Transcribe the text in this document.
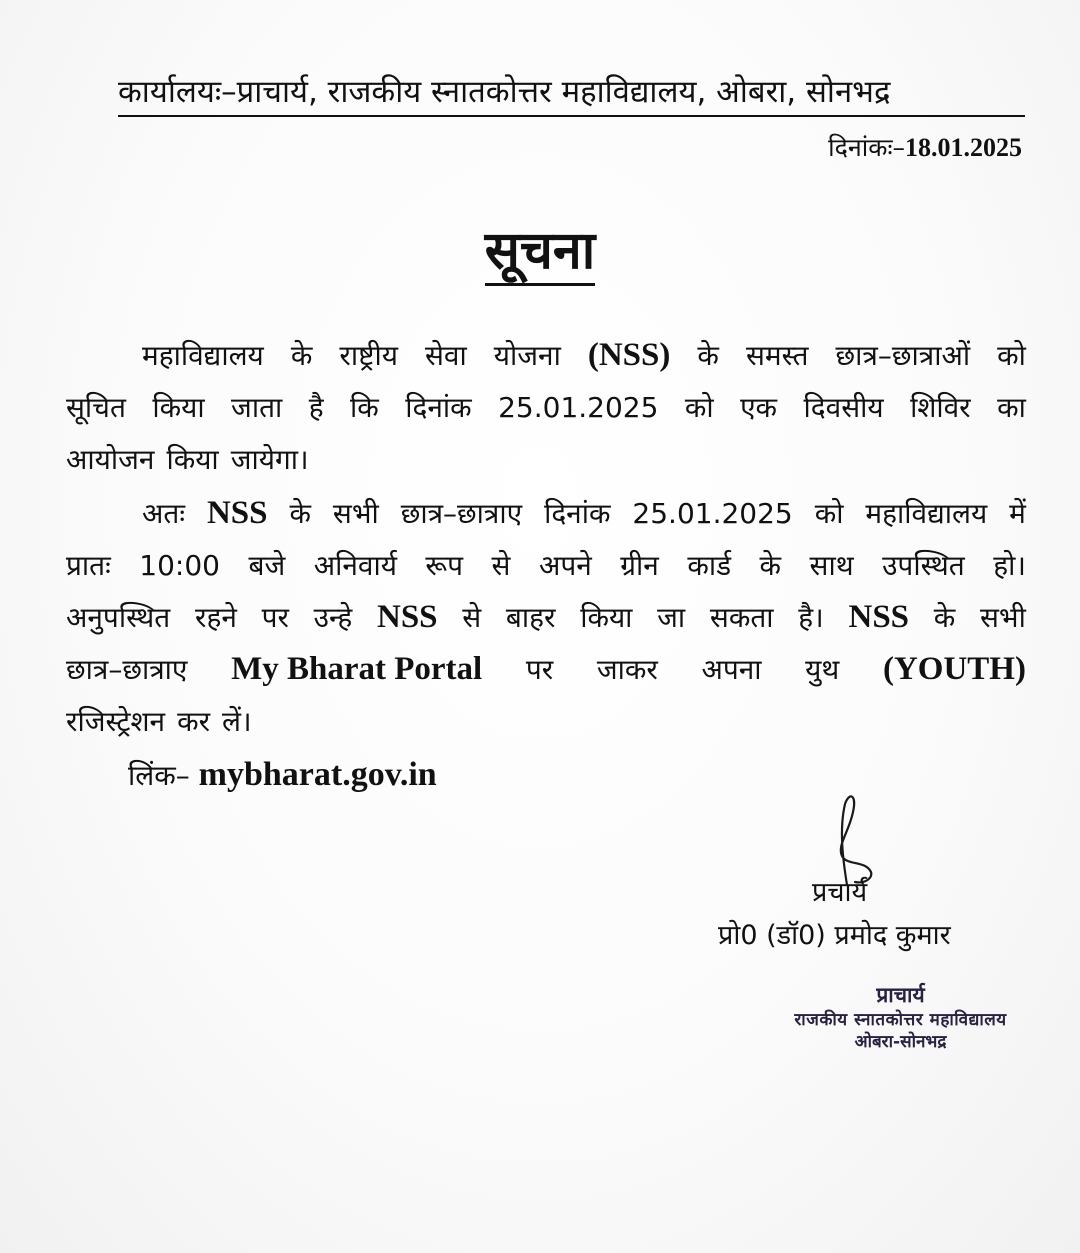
कार्यालयः–प्राचार्य, राजकीय स्नातकोत्तर महाविद्यालय, ओबरा, सोनभद्र
दिनांकः–18.01.2025
सूचना
महाविद्यालय के राष्ट्रीय सेवा योजना (NSS) के समस्त छात्र–छात्राओं को
सूचित किया जाता है कि दिनांक 25.01.2025 को एक दिवसीय शिविर का
आयोजन किया जायेगा।
अतः NSS के सभी छात्र–छात्राए दिनांक 25.01.2025 को महाविद्यालय में
प्रातः 10:00 बजे अनिवार्य रूप से अपने ग्रीन कार्ड के साथ उपस्थित हो।
अनुपस्थित रहने पर उन्हे NSS से बाहर किया जा सकता है। NSS के सभी
छात्र–छात्राए My Bharat Portal पर जाकर अपना युथ (YOUTH)
रजिस्ट्रेशन कर लें।
लिंक– mybharat.gov.in
प्रचार्य
प्रो0 (डॉ0) प्रमोद कुमार
प्राचार्य
राजकीय स्नातकोत्तर महाविद्यालय
ओबरा-सोनभद्र
